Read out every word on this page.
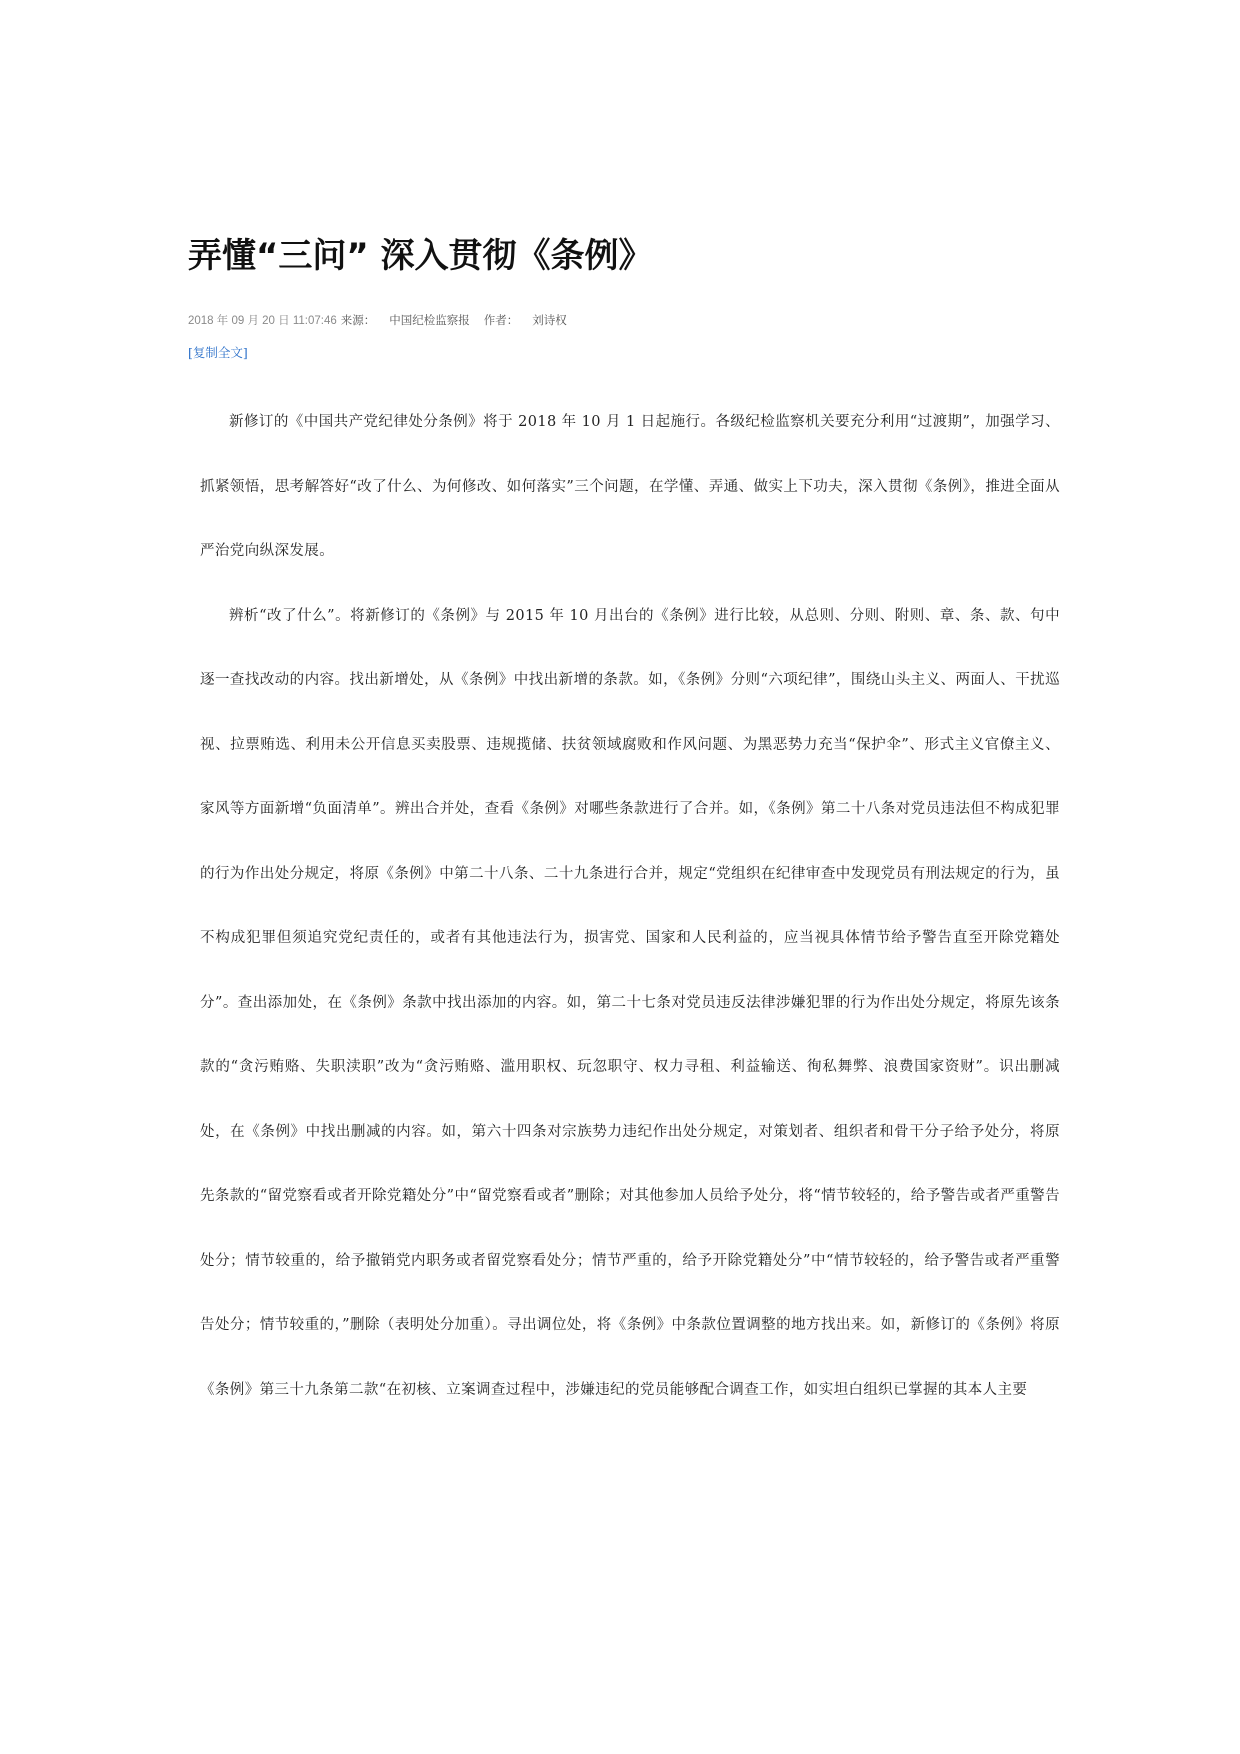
弄懂“三问” 深入贯彻《条例》
2018 年 09 月 20 日 11:07:46 来源： 中国纪检监察报 作者： 刘诗权
[复制全文]

新修订的《中国共产党纪律处分条例》将于 2018 年 10 月 1 日起施行。各级纪检监察机关要充分利用“过渡期”，加强学习、抓紧领悟，思考解答好“改了什么、为何修改、如何落实”三个问题，在学懂、弄通、做实上下功夫，深入贯彻《条例》，推进全面从严治党向纵深发展。

辨析“改了什么”。将新修订的《条例》与 2015 年 10 月出台的《条例》进行比较，从总则、分则、附则、章、条、款、句中逐一查找改动的内容。找出新增处，从《条例》中找出新增的条款。如，《条例》分则“六项纪律”，围绕山头主义、两面人、干扰巡视、拉票贿选、利用未公开信息买卖股票、违规揽储、扶贫领域腐败和作风问题、为黑恶势力充当“保护伞”、形式主义官僚主义、家风等方面新增“负面清单”。辨出合并处，查看《条例》对哪些条款进行了合并。如，《条例》第二十八条对党员违法但不构成犯罪的行为作出处分规定，将原《条例》中第二十八条、二十九条进行合并，规定“党组织在纪律审查中发现党员有刑法规定的行为，虽不构成犯罪但须追究党纪责任的，或者有其他违法行为，损害党、国家和人民利益的，应当视具体情节给予警告直至开除党籍处分”。查出添加处，在《条例》条款中找出添加的内容。如，第二十七条对党员违反法律涉嫌犯罪的行为作出处分规定，将原先该条款的“贪污贿赂、失职渎职”改为“贪污贿赂、滥用职权、玩忽职守、权力寻租、利益输送、徇私舞弊、浪费国家资财”。识出删减处，在《条例》中找出删减的内容。如，第六十四条对宗族势力违纪作出处分规定，对策划者、组织者和骨干分子给予处分，将原先条款的“留党察看或者开除党籍处分”中“留党察看或者”删除；对其他参加人员给予处分，将“情节较轻的，给予警告或者严重警告处分；情节较重的，给予撤销党内职务或者留党察看处分；情节严重的，给予开除党籍处分”中“情节较轻的，给予警告或者严重警告处分；情节较重的，”删除（表明处分加重）。寻出调位处，将《条例》中条款位置调整的地方找出来。如，新修订的《条例》将原《条例》第三十九条第二款“在初核、立案调查过程中，涉嫌违纪的党员能够配合调查工作，如实坦白组织已掌握的其本人主要
